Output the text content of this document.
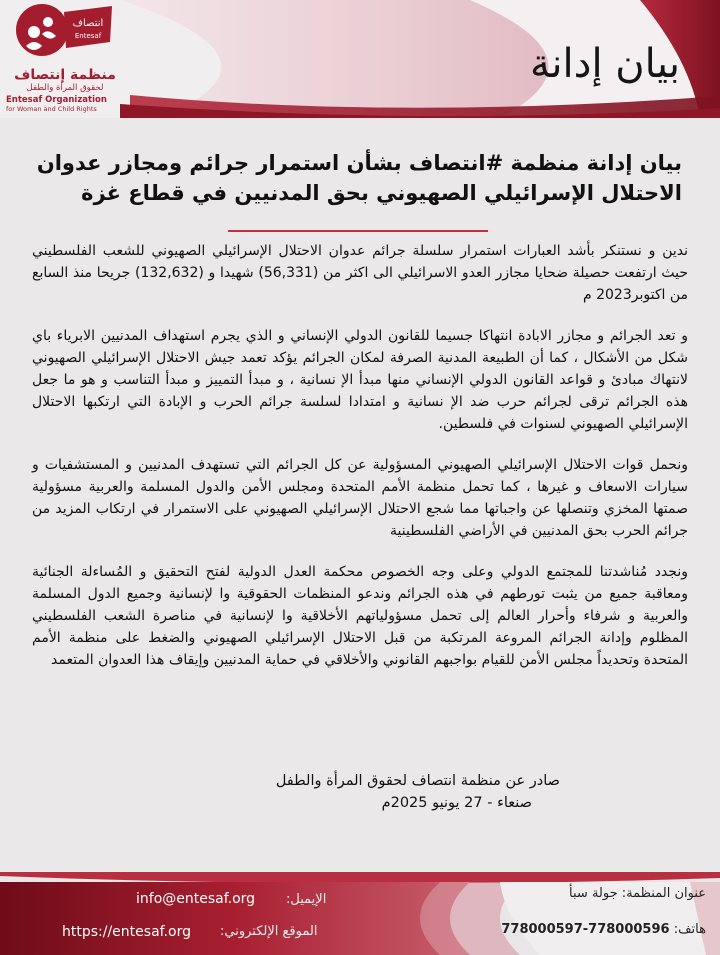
بيان إدانة
انتصاف
Entesaf
منظمة إنتصاف
لحقوق المرأة والطفل
Entesaf Organization
for Woman and Child Rights
بيان إدانة منظمة #انتصاف بشأن استمرار جرائم ومجازر عدوان
الاحتلال الإسرائيلي الصهيوني بحق المدنيين في قطاع غزة

ندين و نستنكر بأشد العبارات استمرار سلسلة جرائم عدوان الاحتلال الإسرائيلي الصهيوني للشعب الفلسطيني حيث ارتفعت حصيلة ضحايا مجازر العدو الاسرائيلي الى اكثر من (56,331) شهيدا و (132,632) جريحا منذ السابع من اكتوبر2023 م

و تعد الجرائم و مجازر الابادة انتهاكا جسيما للقانون الدولي الإنساني و الذي يجرم استهداف المدنيين الابرياء باي شكل من الأشكال ، كما أن الطبيعة المدنية الصرفة لمكان الجرائم يؤكد تعمد جيش الاحتلال الإسرائيلي الصهيوني لانتهاك مبادئ و قواعد القانون الدولي الإنساني منها مبدأ الإ نسانية ، و مبدأ التمييز و مبدأ التناسب و هو ما جعل هذه الجرائم ترقى لجرائم حرب ضد الإ نسانية و امتدادا لسلسة جرائم الحرب و الإبادة التي ارتكبها الاحتلال الإسرائيلي الصهيوني لسنوات في فلسطين.

ونحمل قوات الاحتلال الإسرائيلي الصهيوني المسؤولية عن كل الجرائم التي تستهدف المدنيين و المستشفيات و سيارات الاسعاف و غيرها ، كما تحمل منظمة الأمم المتحدة ومجلس الأمن والدول المسلمة والعربية مسؤولية صمتها المخزي وتنصلها عن واجباتها مما شجع الاحتلال الإسرائيلي الصهيوني على الاستمرار في ارتكاب المزيد من جرائم الحرب بحق المدنيين في الأراضي الفلسطينية

ونجدد مُناشدتنا للمجتمع الدولي وعلى وجه الخصوص محكمة العدل الدولية لفتح التحقيق و المُساءلة الجنائية ومعاقبة جميع من يثبت تورطهم في هذه الجرائم وندعو المنظمات الحقوقية وا لإنسانية وجميع الدول المسلمة والعربية و شرفاء وأحرار العالم إلى تحمل مسؤولياتهم الأخلاقية وا لإنسانية في مناصرة الشعب الفلسطيني المظلوم وإدانة الجرائم المروعة المرتكبة من قبل الاحتلال الإسرائيلي الصهيوني والضغط على منظمة الأمم المتحدة وتحديداً مجلس الأمن للقيام بواجبهم القانوني والأخلاقي في حماية المدنيين وإيقاف هذا العدوان المتعمد

صادر عن منظمة انتصاف لحقوق المرأة والطفل
صنعاء - 27 يونيو 2025م
عنوان المنظمة: جولة سبأ
هاتف: 778000597-778000596
الإيميل:
info@entesaf.org
الموقع الإلكتروني:
https://entesaf.org
